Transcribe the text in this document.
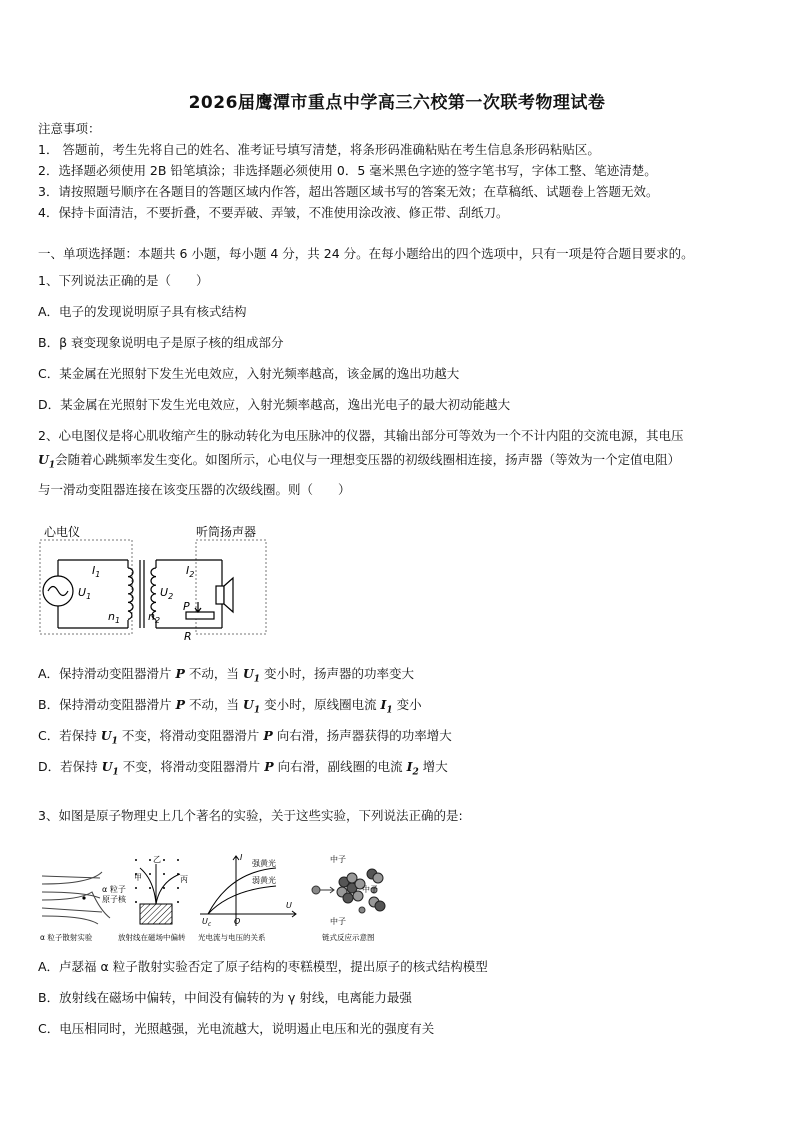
2026届鹰潭市重点中学高三六校第一次联考物理试卷
注意事项：
1． 答题前，考生先将自己的姓名、准考证号填写清楚，将条形码准确粘贴在考生信息条形码粘贴区。
2．选择题必须使用 2B 铅笔填涂；非选择题必须使用 0．5 毫米黑色字迹的签字笔书写，字体工整、笔迹清楚。
3．请按照题号顺序在各题目的答题区域内作答，超出答题区域书写的答案无效；在草稿纸、试题卷上答题无效。
4．保持卡面清洁，不要折叠，不要弄破、弄皱，不准使用涂改液、修正带、刮纸刀。
一、单项选择题：本题共 6 小题，每小题 4 分，共 24 分。在每小题给出的四个选项中，只有一项是符合题目要求的。
1、下列说法正确的是（　　）
A．电子的发现说明原子具有核式结构
B．β 衰变现象说明电子是原子核的组成部分
C．某金属在光照射下发生光电效应，入射光频率越高，该金属的逸出功越大
D．某金属在光照射下发生光电效应，入射光频率越高，逸出光电子的最大初动能越大
2、心电图仪是将心肌收缩产生的脉动转化为电压脉冲的仪器，其输出部分可等效为一个不计内阻的交流电源，其电压
$U_1$会随着心跳频率发生变化。如图所示，心电仪与一理想变压器的初级线圈相连接，扬声器（等效为一个定值电阻）
与一滑动变阻器连接在该变压器的次级线圈。则（　　）
心电仪	听筒扬声器
$I_1$
$U_1$
$n_1$
$U_2$
$n_2$
$I_2$
P
R
A．保持滑动变阻器滑片 P 不动，当 $U_1$ 变小时，扬声器的功率变大
B．保持滑动变阻器滑片 P 不动，当 $U_1$ 变小时，原线圈电流 $I_1$ 变小
C．若保持 $U_1$ 不变，将滑动变阻器滑片 P 向右滑，扬声器获得的功率增大
D．若保持 $U_1$ 不变，将滑动变阻器滑片 P 向右滑，副线圈的电流 $I_2$ 增大
3、如图是原子物理史上几个著名的实验，关于这些实验，下列说法正确的是:
α 粒子
原子核
α 粒子散射实验
甲
乙
丙
放射线在磁场中偏转
I
强黄光
弱黄光
U
O
$U_c$
光电流与电压的关系
中子
中子
中子
链式反应示意图
A．卢瑟福 α 粒子散射实验否定了原子结构的枣糕模型，提出原子的核式结构模型
B．放射线在磁场中偏转，中间没有偏转的为 γ 射线，电离能力最强
C．电压相同时，光照越强，光电流越大，说明遏止电压和光的强度有关
